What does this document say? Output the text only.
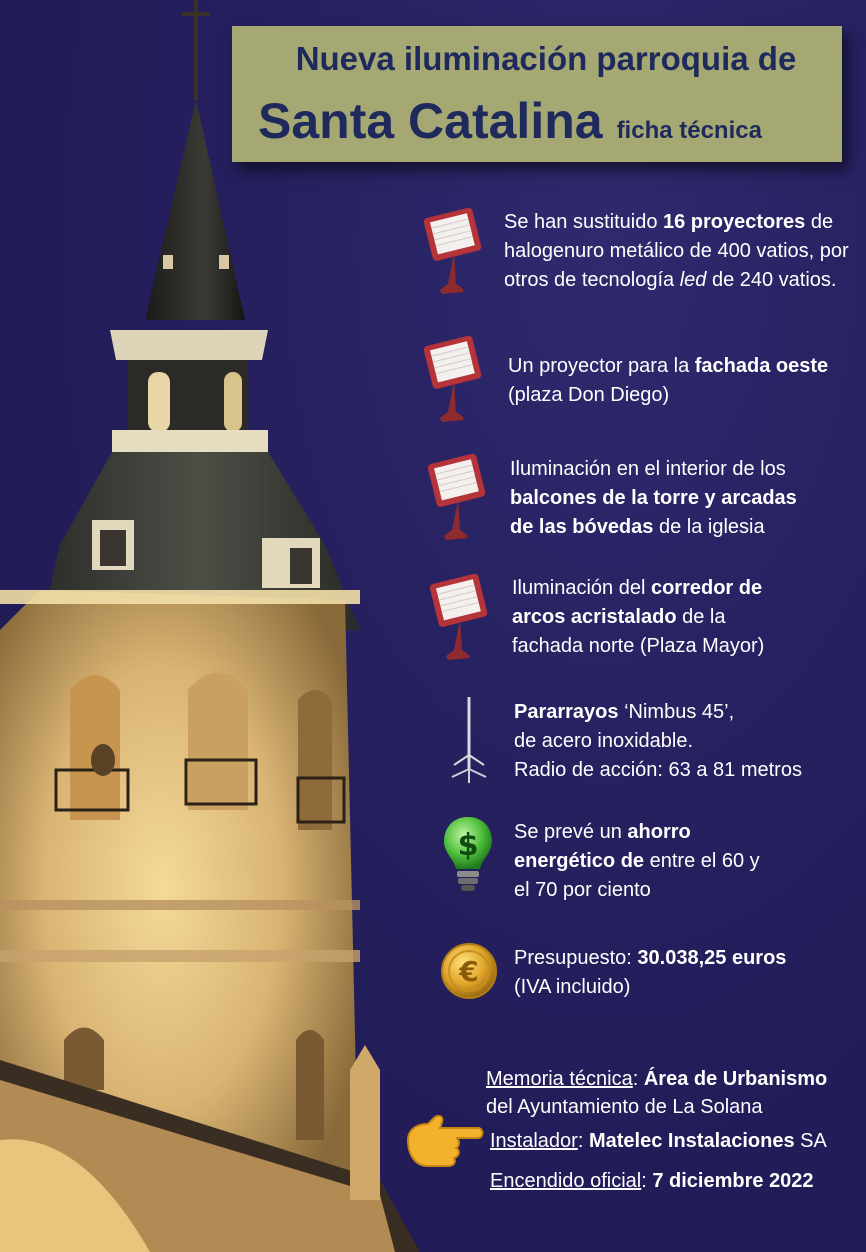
Nueva iluminación parroquia de
Santa Catalina ficha técnica
Se han sustituido 16 proyectores de halogenuro metálico de 400 vatios, por otros de tecnología led de 240 vatios.
Un proyector para la fachada oeste
(plaza Don Diego)
Iluminación en el interior de los
balcones de la torre y arcadas
de las bóvedas de la iglesia
Iluminación del corredor de
arcos acristalado de la
fachada norte (Plaza Mayor)
Pararrayos ‘Nimbus 45’,
de acero inoxidable.
Radio de acción: 63 a 81 metros
$ Se prevé un ahorro
energético de entre el 60 y
el 70 por ciento
€ Presupuesto: 30.038,25 euros
(IVA incluido)
Memoria técnica: Área de Urbanismo
del Ayuntamiento de La Solana
Instalador: Matelec Instalaciones SA
Encendido oficial: 7 diciembre 2022
